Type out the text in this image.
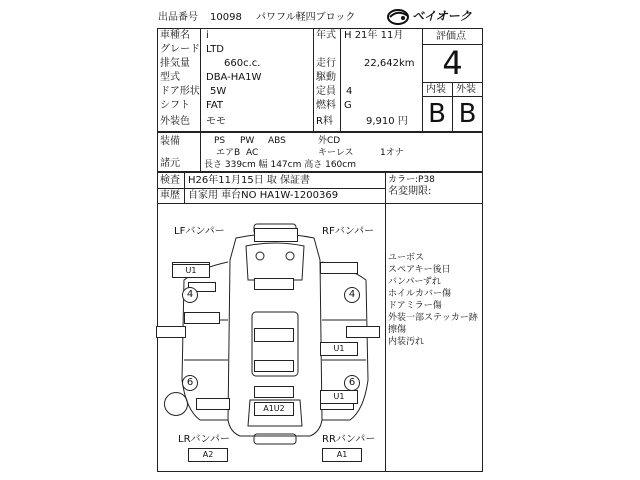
出品番号 10098 パワフル軽四ブロック	ベイオーク
車種名 i
グレード LTD
排気量	660c.c.
型式	DBA-HA1W
ドア形状 5W
シフト FAT
外装色 モモ
年式 H 21年 11月
走行	22,642km
駆動
定員 4
燃料 G
R料	9,910 円
評価点
4
内装 外装
B B
装備	PS PW ABS	外CD
エアB AC	キーレス	1オナ
諸元	長さ 339cm 幅 147cm 高さ 160cm
検査 H26年11月15日 取 保証書
車歴 自家用 車台NO HA1W-1200369
カラー:P38
名変期限:
LFバンパー	RFバンパー
LRバンパー	RRバンパー
U1
U1
U1
A1U2
A2	A1
4	4
6	6
ユーボス
スペアキー後日
バンパーずれ
ホイルカバー傷
ドアミラー傷
外装一部ステッカー跡
擦傷
内装汚れ
